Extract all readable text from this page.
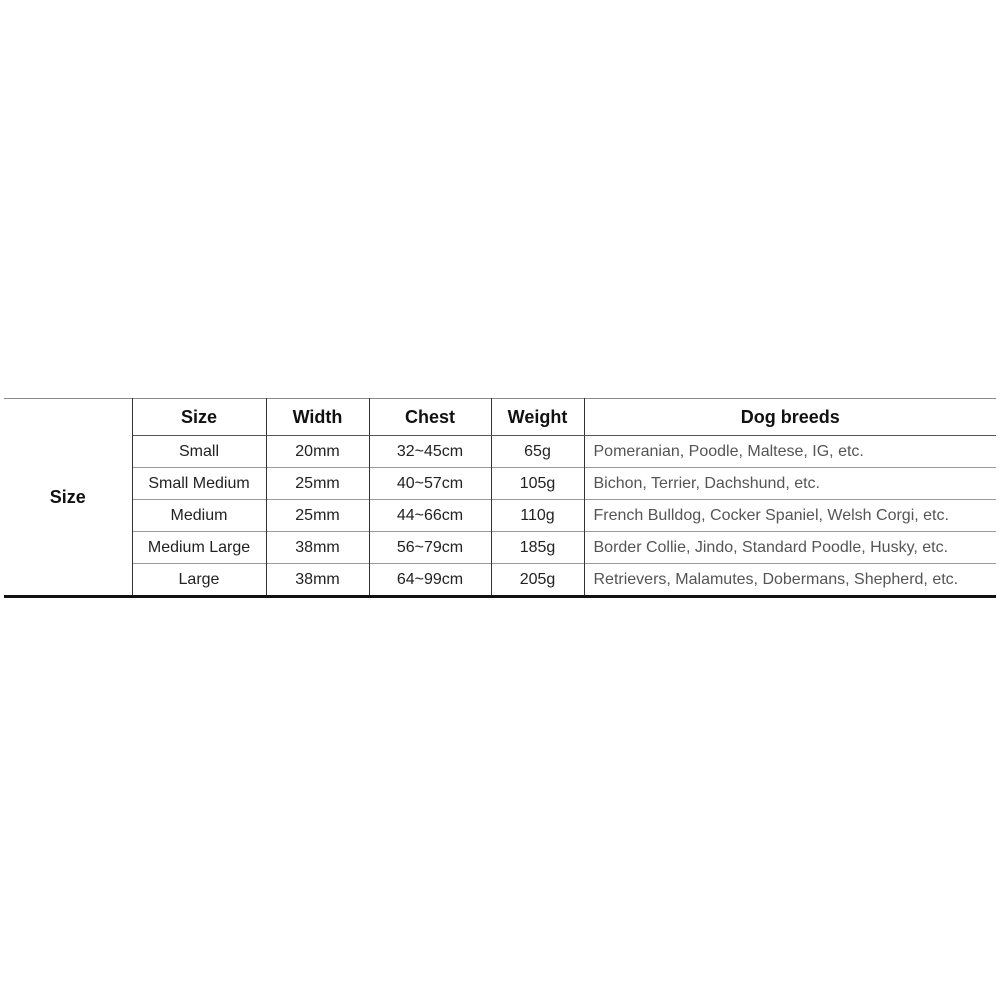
Size	Size	Width	Chest	Weight	Dog breeds
	Small	20mm	32~45cm	65g	Pomeranian, Poodle, Maltese, IG, etc.
	Small Medium	25mm	40~57cm	105g	Bichon, Terrier, Dachshund, etc.
	Medium	25mm	44~66cm	110g	French Bulldog, Cocker Spaniel, Welsh Corgi, etc.
	Medium Large	38mm	56~79cm	185g	Border Collie, Jindo, Standard Poodle, Husky, etc.
	Large	38mm	64~99cm	205g	Retrievers, Malamutes, Dobermans, Shepherd, etc.
